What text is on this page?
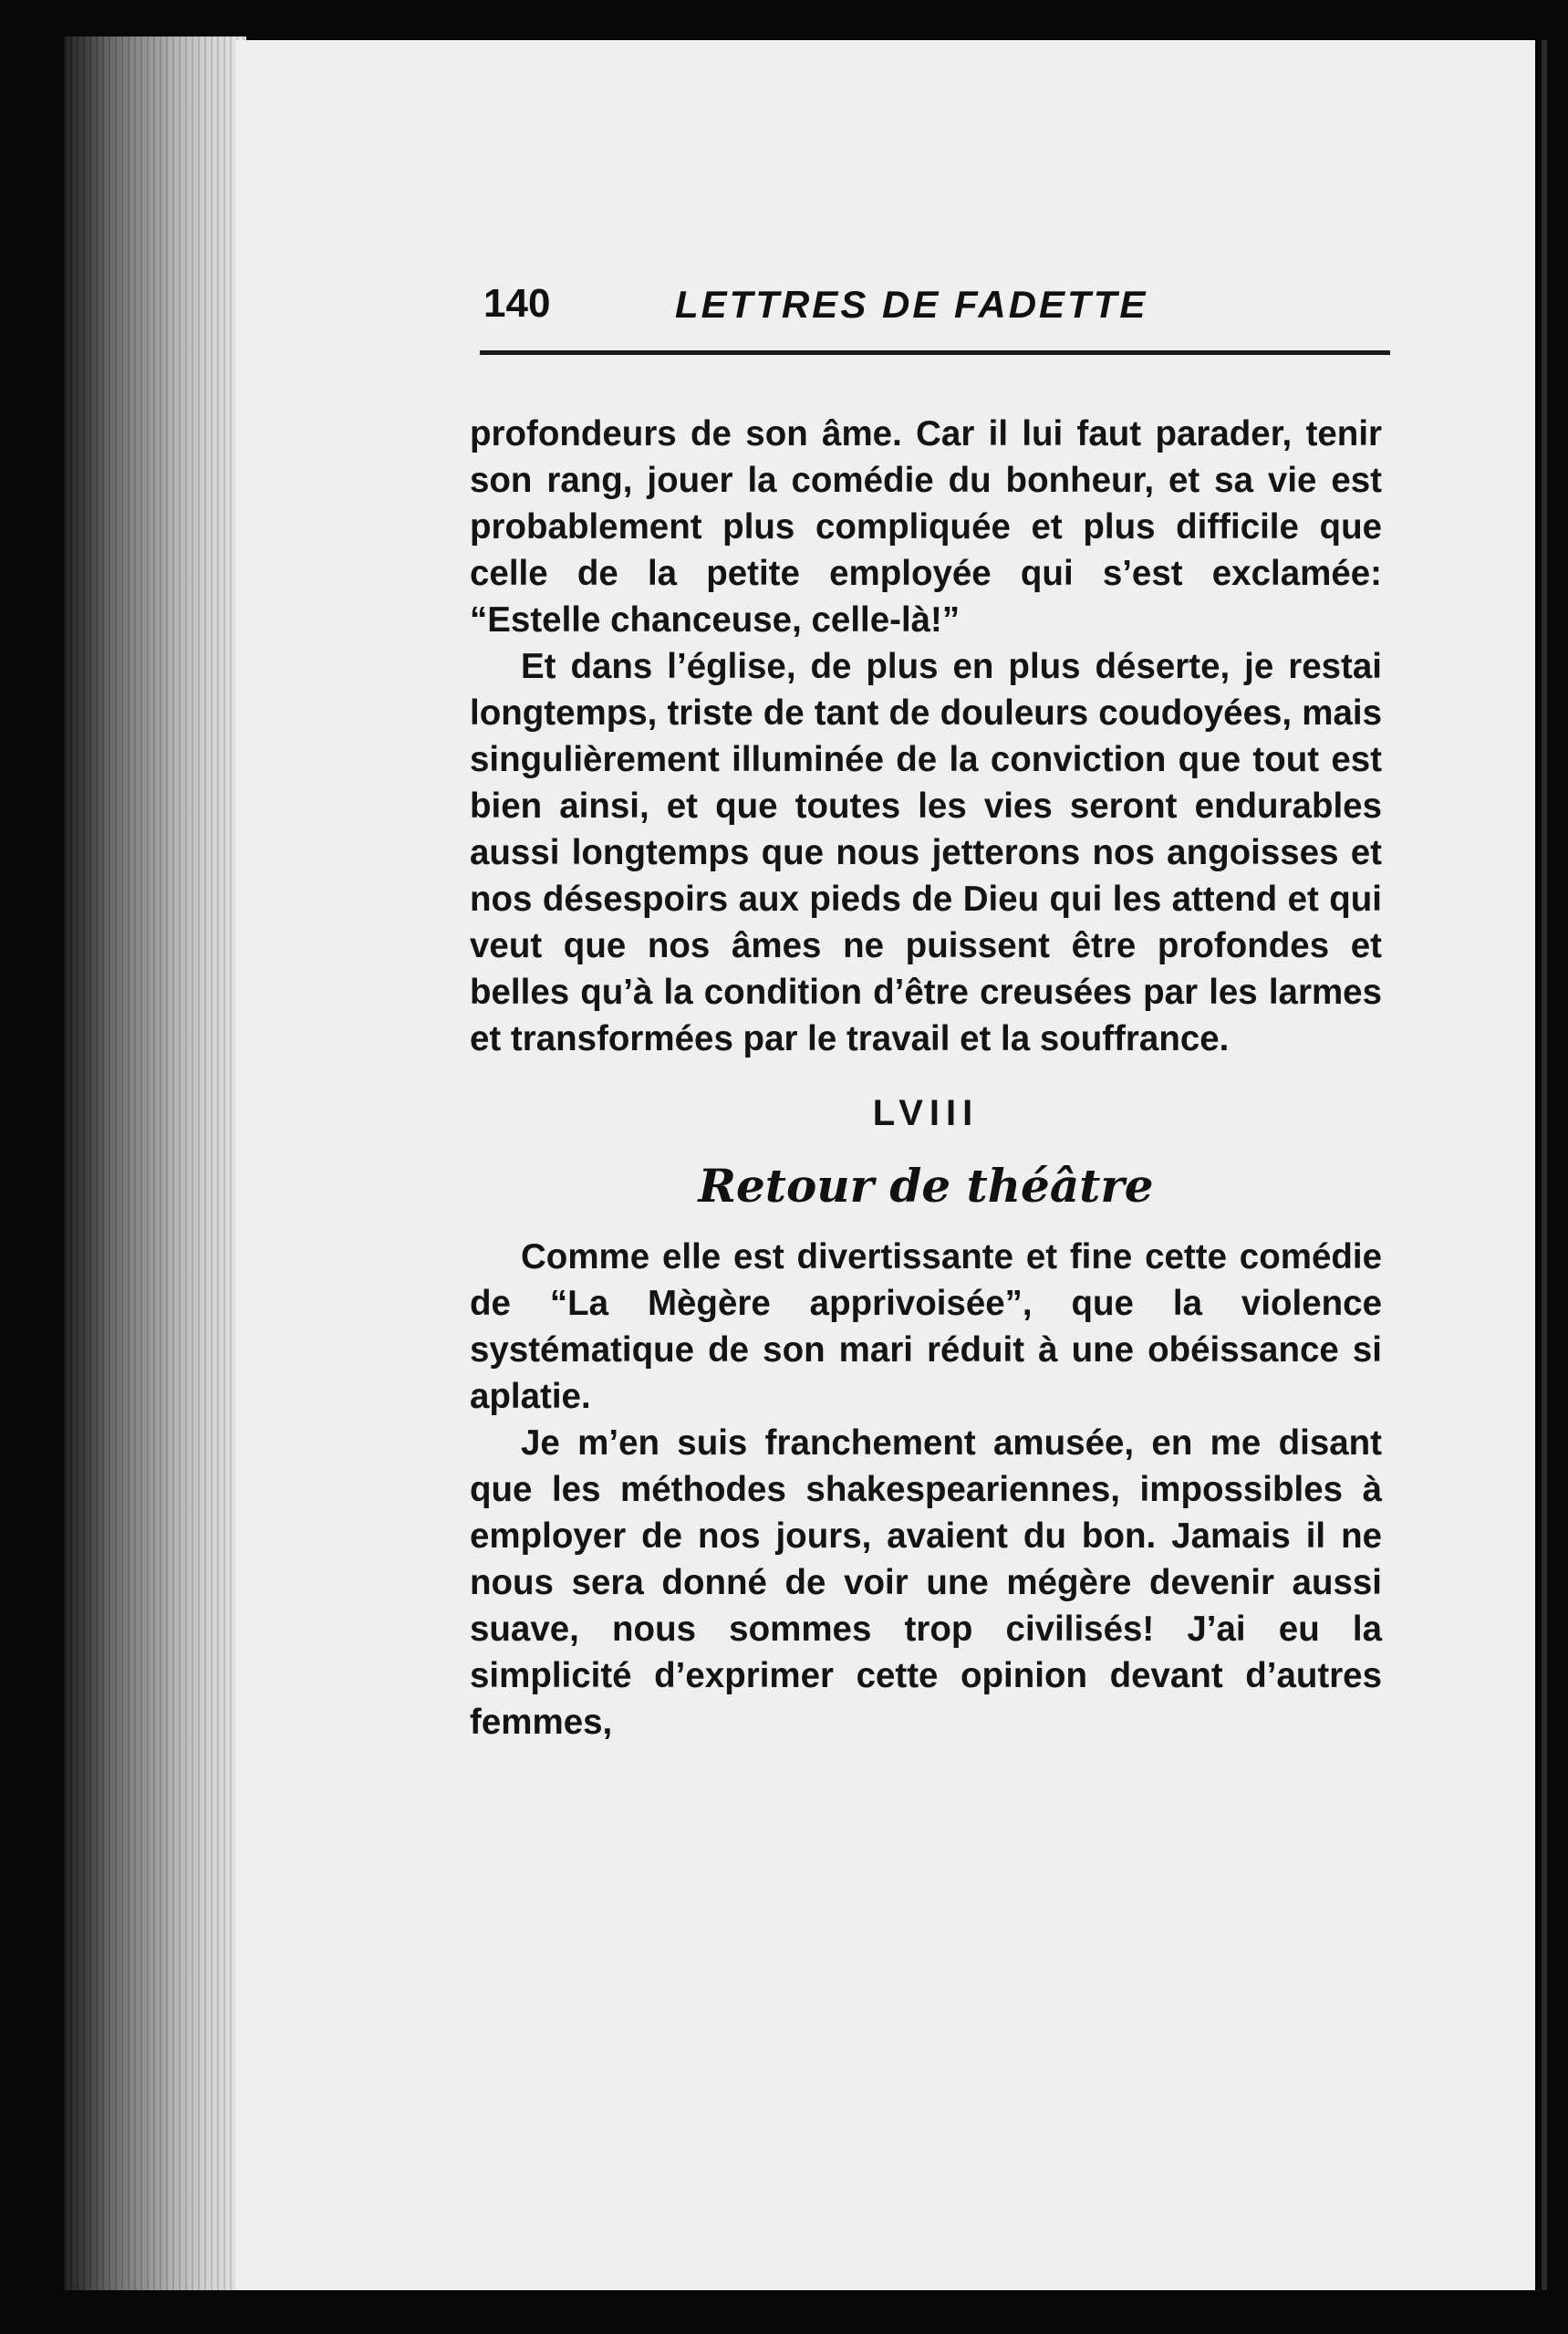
140	LETTRES DE FADETTE

profondeurs de son âme. Car il lui faut parader, tenir son rang, jouer la comédie du bonheur, et sa vie est probablement plus compliquée et plus difficile que celle de la petite employée qui s’est exclamée: “Estelle chanceuse, celle-là!”

Et dans l’église, de plus en plus déserte, je restai longtemps, triste de tant de douleurs coudoyées, mais singulièrement illuminée de la conviction que tout est bien ainsi, et que toutes les vies seront endurables aussi longtemps que nous jetterons nos angoisses et nos désespoirs aux pieds de Dieu qui les attend et qui veut que nos âmes ne puissent être profondes et belles qu’à la condition d’être creusées par les larmes et transformées par le travail et la souffrance.

LVIII
Retour de théâtre

Comme elle est divertissante et fine cette comédie de “La Mègère apprivoisée”, que la violence systématique de son mari réduit à une obéissance si aplatie.

Je m’en suis franchement amusée, en me disant que les méthodes shakespeariennes, impossibles à employer de nos jours, avaient du bon. Jamais il ne nous sera donné de voir une mégère devenir aussi suave, nous sommes trop civilisés! J’ai eu la simplicité d’exprimer cette opinion devant d’autres femmes,
